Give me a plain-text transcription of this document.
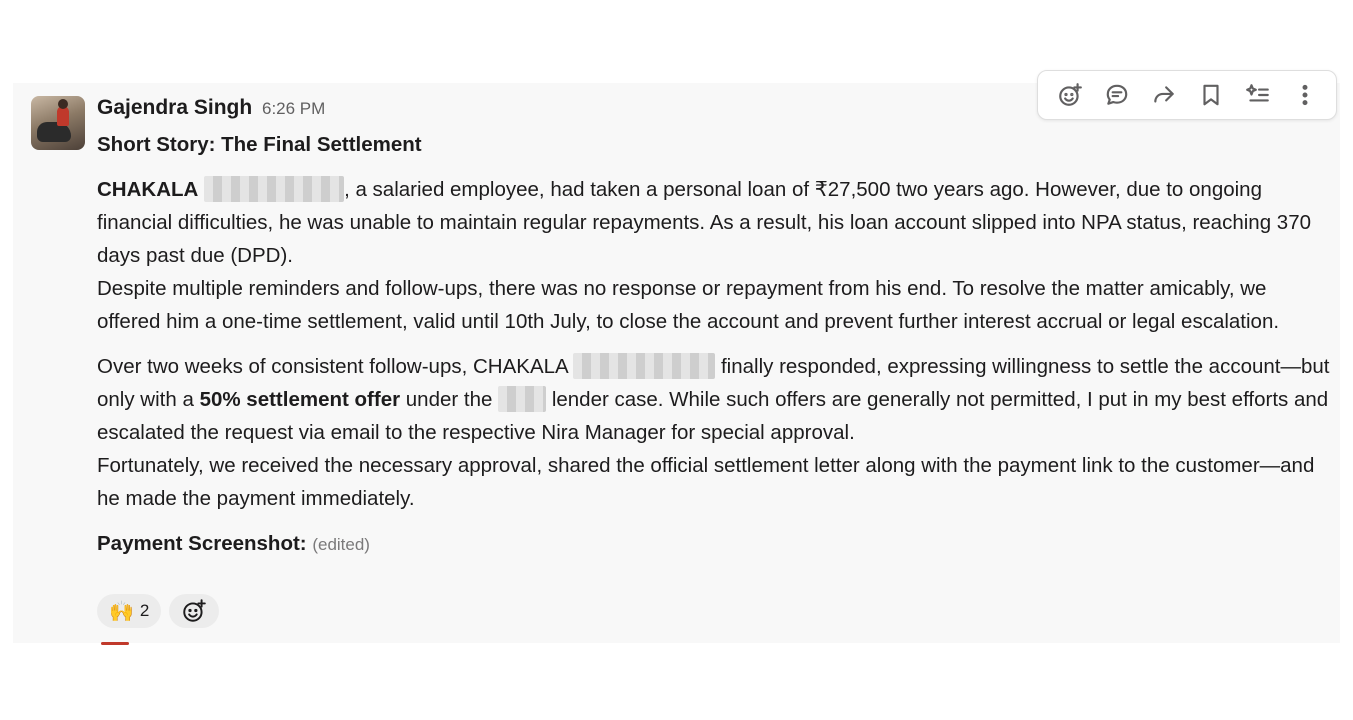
Gajendra Singh 6:26 PM

Short Story: The Final Settlement

CHAKALA	, a salaried employee, had taken a personal loan of ₹27,500 two years ago. However, due to ongoing financial difficulties, he was unable to maintain regular repayments. As a result, his loan account slipped into NPA status, reaching 370 days past due (DPD).
Despite multiple reminders and follow-ups, there was no response or repayment from his end. To resolve the matter amicably, we offered him a one-time settlement, valid until 10th July, to close the account and prevent further interest accrual or legal escalation.

Over two weeks of consistent follow-ups, CHAKALA	finally responded, expressing willingness to settle the account—but only with a 50% settlement offer under the	lender case. While such offers are generally not permitted, I put in my best efforts and escalated the request via email to the respective Nira Manager for special approval.
Fortunately, we received the necessary approval, shared the official settlement letter along with the payment link to the customer—and he made the payment immediately.

Payment Screenshot: (edited)

🙌 2
